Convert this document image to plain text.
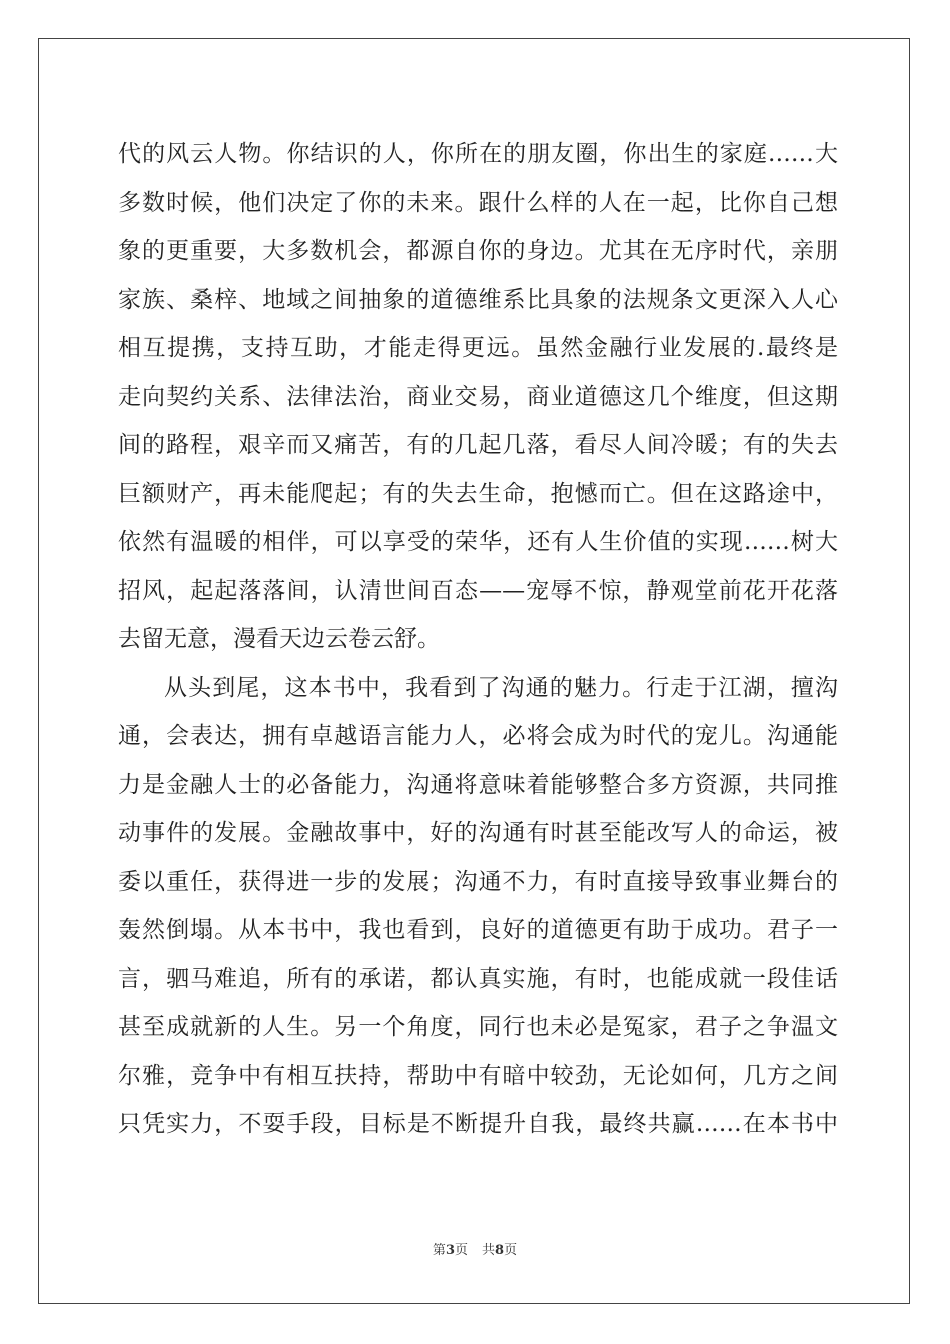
代的风云人物。你结识的人，你所在的朋友圈，你出生的家庭……大
多数时候，他们决定了你的未来。跟什么样的人在一起，比你自己想
象的更重要，大多数机会，都源自你的身边。尤其在无序时代，亲朋
家族、桑梓、地域之间抽象的道德维系比具象的法规条文更深入人心
相互提携，支持互助，才能走得更远。虽然金融行业发展的.最终是
走向契约关系、法律法治，商业交易，商业道德这几个维度，但这期
间的路程，艰辛而又痛苦，有的几起几落，看尽人间冷暖；有的失去
巨额财产，再未能爬起；有的失去生命，抱憾而亡。但在这路途中，
依然有温暖的相伴，可以享受的荣华，还有人生价值的实现……树大
招风，起起落落间，认清世间百态——宠辱不惊，静观堂前花开花落
去留无意，漫看天边云卷云舒。
从头到尾，这本书中，我看到了沟通的魅力。行走于江湖，擅沟
通，会表达，拥有卓越语言能力人，必将会成为时代的宠儿。沟通能
力是金融人士的必备能力，沟通将意味着能够整合多方资源，共同推
动事件的发展。金融故事中，好的沟通有时甚至能改写人的命运，被
委以重任，获得进一步的发展；沟通不力，有时直接导致事业舞台的
轰然倒塌。从本书中，我也看到，良好的道德更有助于成功。君子一
言，驷马难追，所有的承诺，都认真实施，有时，也能成就一段佳话
甚至成就新的人生。另一个角度，同行也未必是冤家，君子之争温文
尔雅，竞争中有相互扶持，帮助中有暗中较劲，无论如何，几方之间
只凭实力，不耍手段，目标是不断提升自我，最终共赢……在本书中
第3页 共8页
